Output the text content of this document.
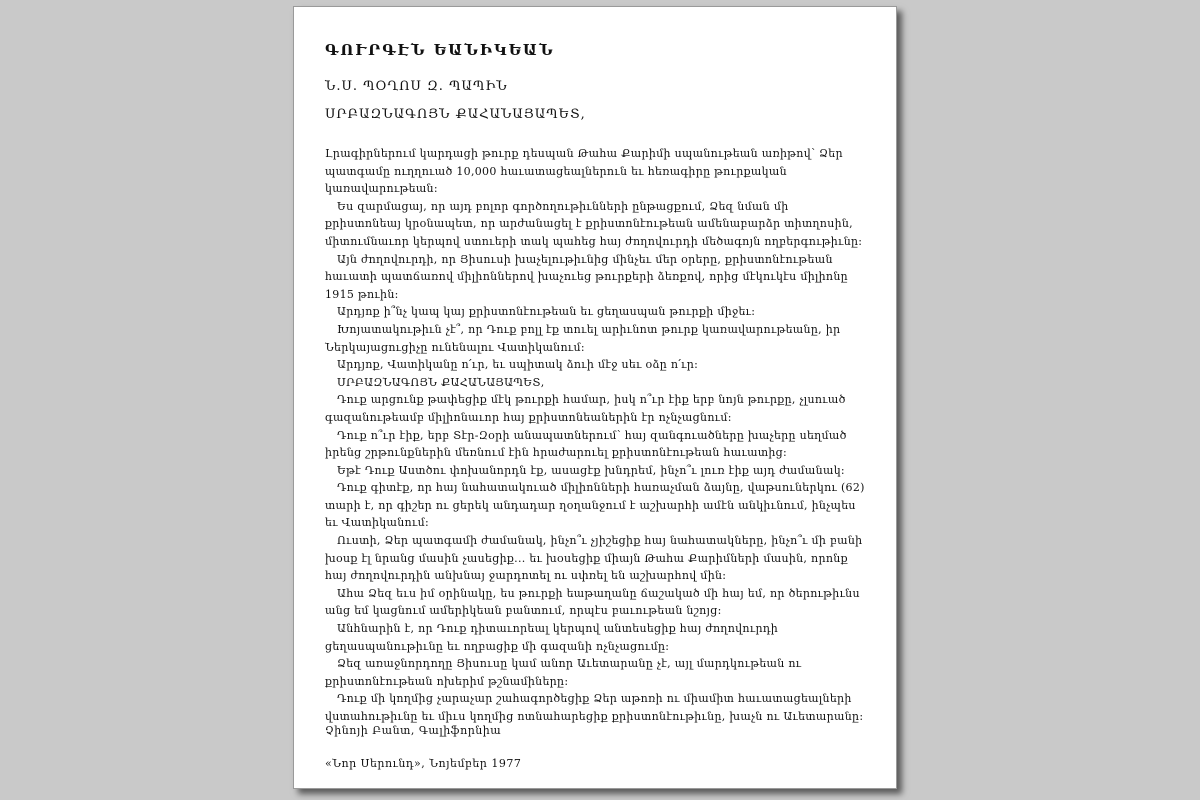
ԳՈՒՐԳԷՆ ԵԱՆԻԿԵԱՆ
Ն.Ս. ՊՕՂՈՍ Զ. ՊԱՊԻՆ
ՍՐԲԱԶՆԱԳՈՅՆ ՔԱՀԱՆԱՅԱՊԵՏ,

Լրագիրներում կարդացի թուրք դեսպան Թահա Քարիմի սպանութեան առիթով՝ Ձեր պատգամը ուղղուած 10,000 հաւատացեալներուն եւ հեռագիրը թուրքական կառավարութեան:

Ես զարմացայ, որ այդ բոլոր գործողութիւնների ընթացքում, Ձեզ նման մի քրիստոնեայ կրօնապետ, որ արժանացել է քրիստոնէութեան ամենաբարձր տիտղոսին, միտումնաւոր կերպով ստուերի տակ պահեց հայ ժողովուրդի մեծագոյն ողբերգութիւնը:

Այն ժողովուրդի, որ Յիսուսի խաչելութիւնից մինչեւ մեր օրերը, քրիստոնէութեան հաւատի պատճառով միլիոններով խաչուեց թուրքերի ձեռքով, որից մէկուկէս միլիոնը 1915 թուին:

Արդյոք ի՞նչ կապ կայ քրիստոնէութեան եւ ցեղասպան թուրքի միջեւ:

Խոյատակութիւն չէ՞, որ Դուք բոլլ էք տուել արիւնոտ թուրք կառավարութեանը, իր Ներկայացուցիչը ունենալու Վատիկանում:

Արդյոք, Վատիկանը ո՛ւր, եւ սպիտակ ձուի մէջ սեւ օձը ո՛ւր:

ՍՐԲԱԶՆԱԳՈՅՆ ՔԱՀԱՆԱՅԱՊԵՏ,

Դուք արցունք թափեցիք մէկ թուրքի համար, իսկ ո՞ւր էիք երբ նոյն թուրքը, չլսուած գազանութեամբ միլիոնաւոր հայ քրիստոնեաներին էր ոչնչացնում:

Դուք ո՞ւր էիք, երբ Տէր-Զօրի անապատներում՝ հայ զանգուածները խաչերը սեղմած իրենց շրթունքներին մեռնում էին հրաժարուել քրիստոնէութեան հաւատից:

Եթէ Դուք Աստծու փոխանորդն էք, ասացէք խնդրեմ, ինչո՞ւ լուռ էիք այդ ժամանակ:

Դուք գիտէք, որ հայ նահատակուած միլիոնների հառաչման ձայնը, վաթսուներկու (62) տարի է, որ գիշեր ու ցերեկ անդադար ղօղանջում է աշխարհի ամէն անկիւնում, ինչպես եւ Վատիկանում:

Ուստի, Ձեր պատգամի ժամանակ, ինչո՞ւ չյիշեցիք հայ նահատակները, ինչո՞ւ մի բանի խօսք էլ նրանց մասին չասեցիք... եւ խօսեցիք միայն Թահա Քարիմների մասին, որոնք հայ ժողովուրդին անխնայ ջարդոտել ու սփռել են աշխարհով մին:

Ահա Ձեզ եւս իմ օրինակը, ես թուրքի եաթաղանը ճաշակած մի հայ եմ, որ ծերութիւնս անց եմ կացնում ամերիկեան բանտում, որպէս բաւութեան նշոյց:

Անհնարին է, որ Դուք դիտաւորեալ կերպով անտեսեցիք հայ ժողովուրդի ցեղասպանութիւնը եւ ողբացիք մի գազանի ոչնչացումը:

Ձեզ առաջնորդողը Յիսուսը կամ անոր Աւետարանը չէ, այլ մարդկութեան ու քրիստոնէութեան ոխերիմ թշնամիները:

Դուք մի կողմից չարաչար շահագործեցիք Ձեր աթոռի ու միամիտ հաւատացեալների վստահութիւնը եւ միւս կողմից ոտնահարեցիք քրիստոնէութիւնը, խաչն ու Աւետարանը:

Չինոյի Բանտ, Գալիֆորնիա
«Նոր Սերունդ», Նոյեմբեր 1977
